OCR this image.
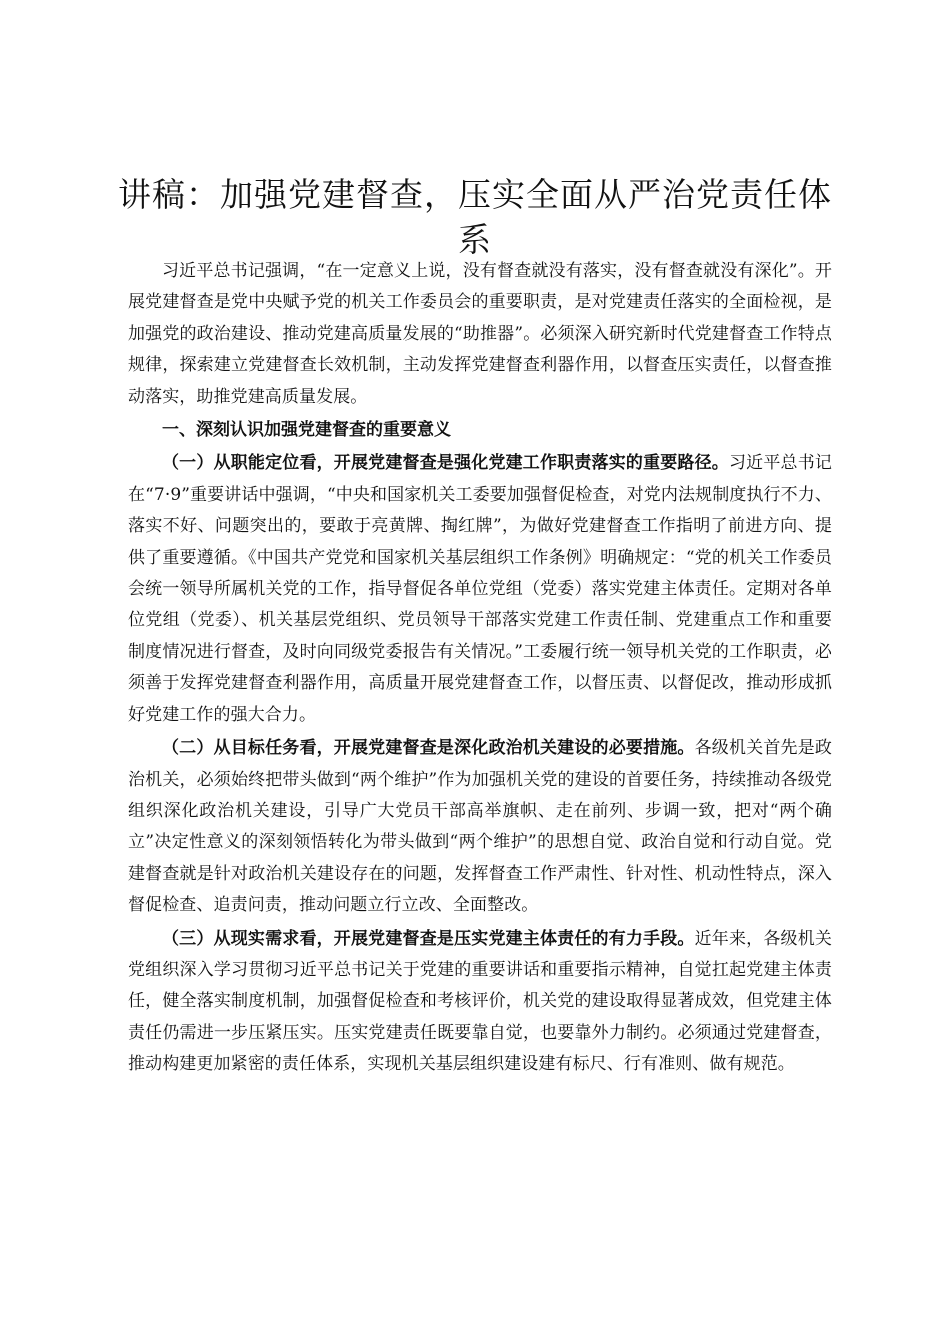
讲稿：加强党建督查，压实全面从严治党责任体系

习近平总书记强调，“在一定意义上说，没有督查就没有落实，没有督查就没有深化”。开展党建督查是党中央赋予党的机关工作委员会的重要职责，是对党建责任落实的全面检视，是加强党的政治建设、推动党建高质量发展的“助推器”。必须深入研究新时代党建督查工作特点规律，探索建立党建督查长效机制，主动发挥党建督查利器作用，以督查压实责任，以督查推动落实，助推党建高质量发展。

一、深刻认识加强党建督查的重要意义

（一）从职能定位看，开展党建督查是强化党建工作职责落实的重要路径。习近平总书记在“7·9”重要讲话中强调，“中央和国家机关工委要加强督促检查，对党内法规制度执行不力、落实不好、问题突出的，要敢于亮黄牌、掏红牌”，为做好党建督查工作指明了前进方向、提供了重要遵循。《中国共产党党和国家机关基层组织工作条例》明确规定：“党的机关工作委员会统一领导所属机关党的工作，指导督促各单位党组（党委）落实党建主体责任。定期对各单位党组（党委）、机关基层党组织、党员领导干部落实党建工作责任制、党建重点工作和重要制度情况进行督查，及时向同级党委报告有关情况。”工委履行统一领导机关党的工作职责，必须善于发挥党建督查利器作用，高质量开展党建督查工作，以督压责、以督促改，推动形成抓好党建工作的强大合力。

（二）从目标任务看，开展党建督查是深化政治机关建设的必要措施。各级机关首先是政治机关，必须始终把带头做到“两个维护”作为加强机关党的建设的首要任务，持续推动各级党组织深化政治机关建设，引导广大党员干部高举旗帜、走在前列、步调一致，把对“两个确立”决定性意义的深刻领悟转化为带头做到“两个维护”的思想自觉、政治自觉和行动自觉。党建督查就是针对政治机关建设存在的问题，发挥督查工作严肃性、针对性、机动性特点，深入督促检查、追责问责，推动问题立行立改、全面整改。

（三）从现实需求看，开展党建督查是压实党建主体责任的有力手段。近年来，各级机关党组织深入学习贯彻习近平总书记关于党建的重要讲话和重要指示精神，自觉扛起党建主体责任，健全落实制度机制，加强督促检查和考核评价，机关党的建设取得显著成效，但党建主体责任仍需进一步压紧压实。压实党建责任既要靠自觉，也要靠外力制约。必须通过党建督查，推动构建更加紧密的责任体系，实现机关基层组织建设建有标尺、行有准则、做有规范。
